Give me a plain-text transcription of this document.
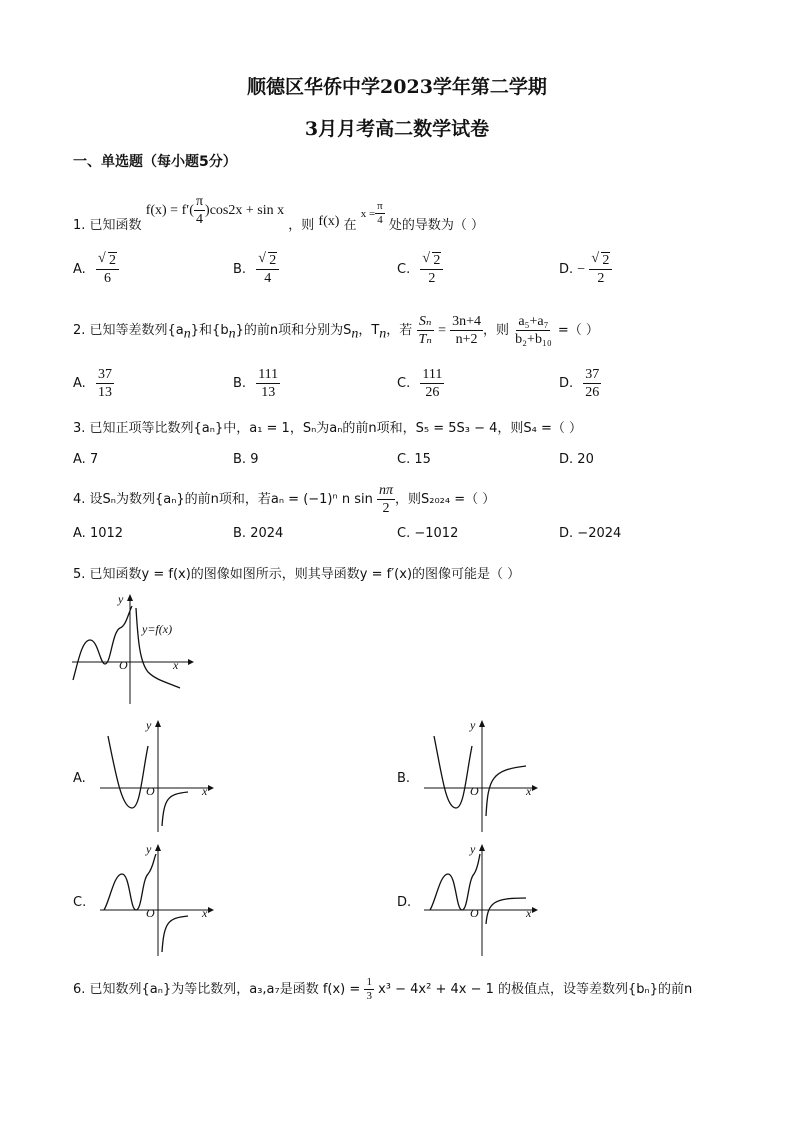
顺德区华侨中学2023学年第二学期
3月月考高二数学试卷
一、单选题（每小题5分）
1. 已知函数 $f(x) = f'( \frac{\pi}{4} )\cos 2x + \sin x$ ，则 f(x) 在 $_{x =} \frac{\pi}{4}$ 处的导数为（ ）
A. √ $\frac{2}{6}$	B. √ $\frac{2}{4}$	C. √ $\frac{2}{2}$	D. − √ $\frac{2}{2}$
2. 已知等差数列$\{a_n\}$和$\{b_n\}$的前n项和分别为$S_n$，$T_n$，若 $\frac{\text{Sₙ}}{\text{Tₙ}} = \frac{3n+4}{n+2}$ ，则 $\frac{\text{a₅+a₇}}{\text{b₂+b₁₀}}$ =（ ）
A. $\frac{37}{13}$	B. $\frac{111}{13}$	C. $\frac{111}{26}$	D. $\frac{37}{26}$
3. 已知正项等比数列{aₙ}中，a₁ = 1，Sₙ为aₙ的前n项和，S₅ = 5S₃ − 4，则S₄ =（ ）
A. 7	B. 9	C. 15	D. 20
4. 设Sₙ为数列{aₙ}的前n项和，若aₙ = (−1)ⁿ n $\sin \frac{n\pi}{2}$ ，则S₂₀₂₄ =（ ）
A. 1012	B. 2024	C. −1012	D. −2024
5. 已知函数y = f(x)的图像如图所示，则其导函数y = f′(x)的图像可能是（ ）
y
x
O
y=f(x)
A.
y
x
O
B.
y
x
O
C.
y
x
O
D.
y
x
O
6. 已知数列{aₙ}为等比数列，a₃,a₇是函数 $f(x) = \frac{1}{3} x^3 - 4x^2 + 4x - 1$ 的极值点，设等差数列{bₙ}的前n
